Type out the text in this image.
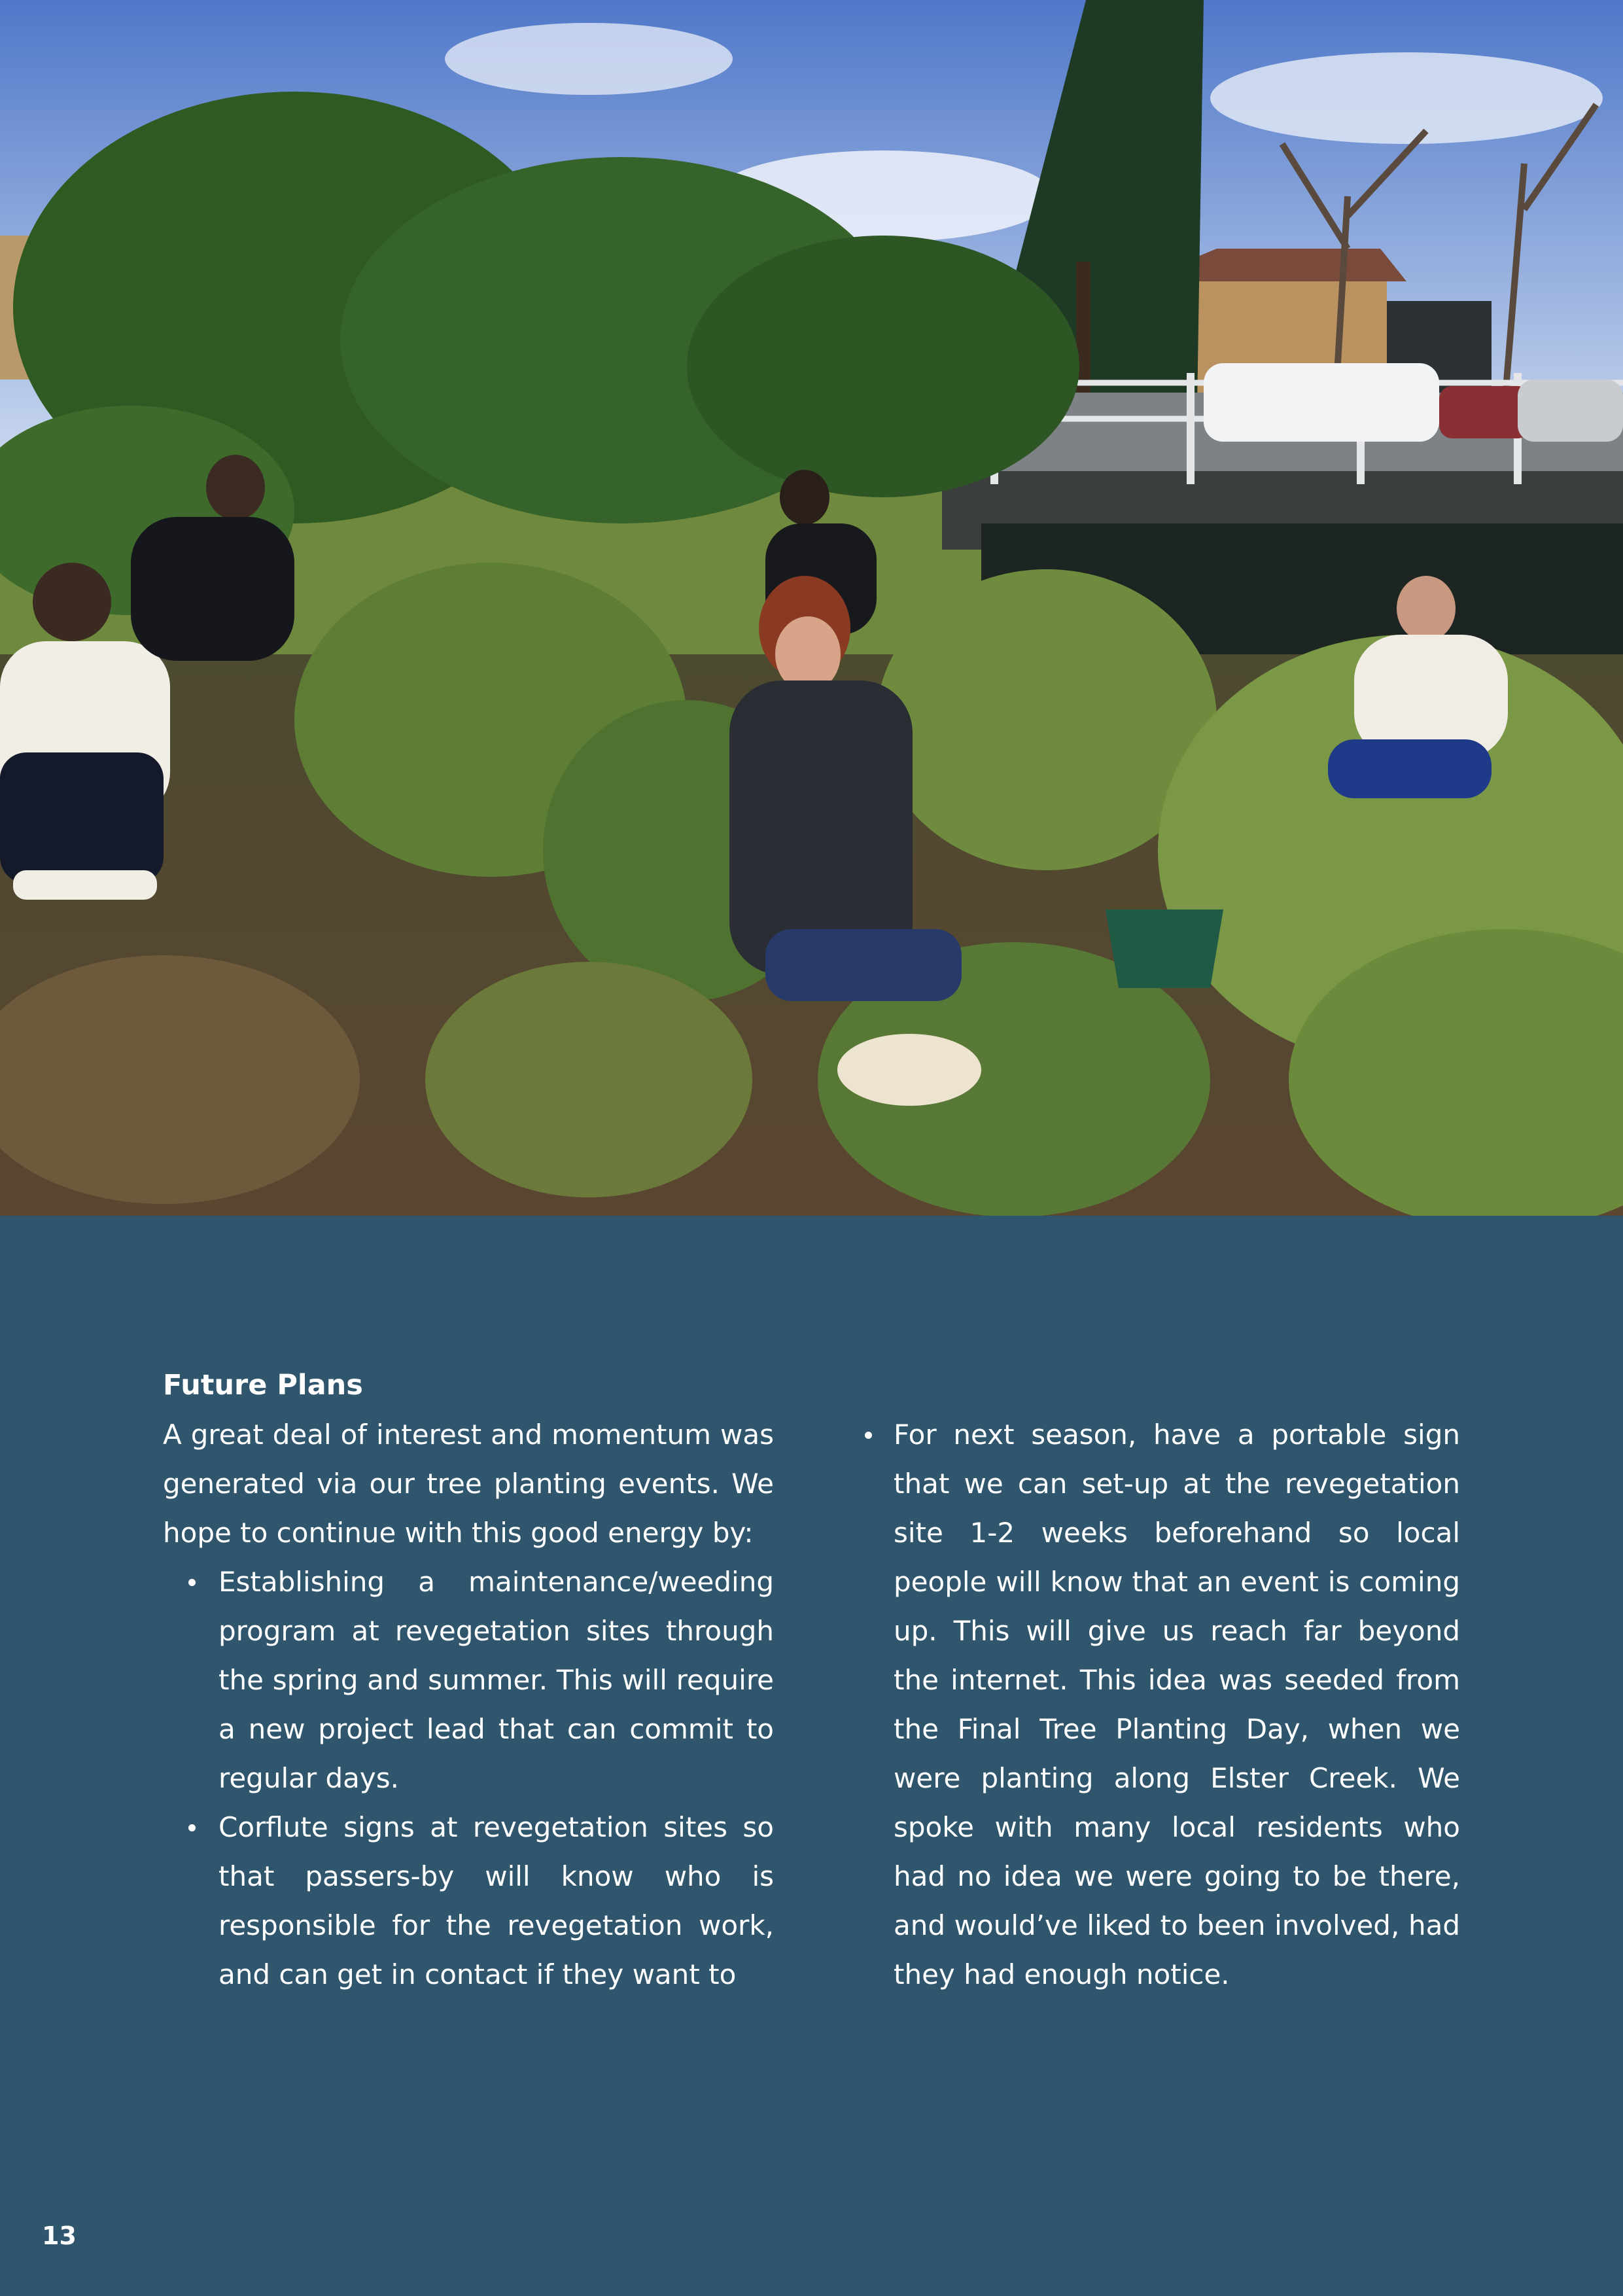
Future Plans

A great deal of interest and momentum was generated via our tree planting events. We hope to continue with this good energy by:

Establishing a maintenance/weeding program at revegetation sites through the spring and summer. This will require a new project lead that can commit to regular days.
Corflute signs at revegetation sites so that passers-by will know who is responsible for the revegetation work, and can get in contact if they want to
For next season, have a portable sign that we can set-up at the revegetation site 1-2 weeks beforehand so local people will know that an event is coming up. This will give us reach far beyond the internet. This idea was seeded from the Final Tree Planting Day, when we were planting along Elster Creek. We spoke with many local residents who had no idea we were going to be there, and would’ve liked to been involved, had they had enough notice.
13
